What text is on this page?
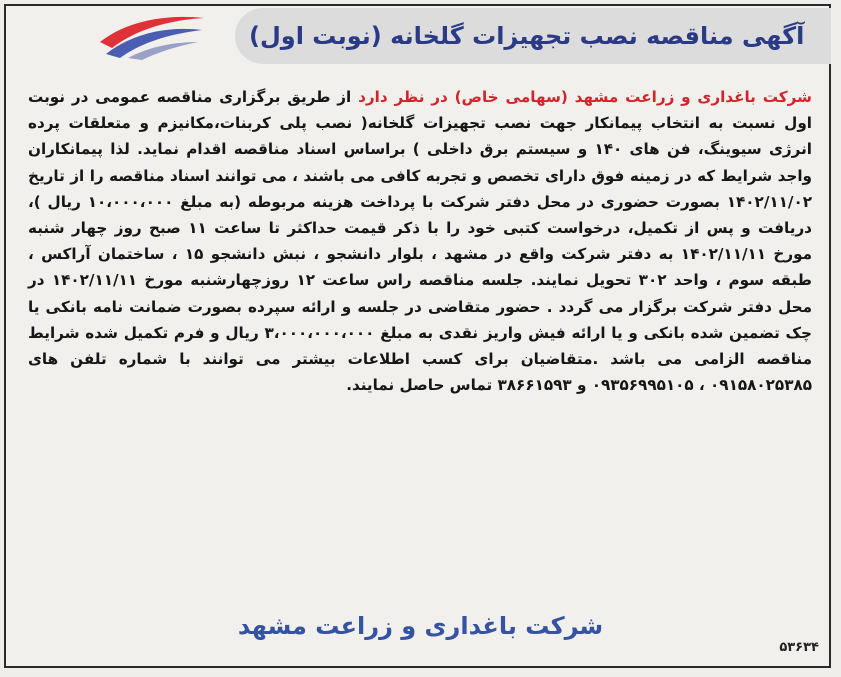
آگهی مناقصه نصب تجهیزات گلخانه (نوبت اول)
شرکت باغداری و زراعت مشهد (سهامی خاص) در نظر دارد از طریق برگزاری مناقصه عمومی در نوبت اول نسبت به انتخاب پیمانکار جهت نصب تجهیزات گلخانه( نصب پلی کربنات،مکانیزم و متعلقات پرده انرژی سیوینگ، فن های ۱۴۰ و سیستم برق داخلی ) براساس اسناد مناقصه اقدام نماید. لذا پیمانکاران واجد شرایط که در زمینه فوق دارای تخصص و تجربه کافی می باشند ، می توانند اسناد مناقصه را از تاریخ ۱۴۰۲/۱۱/۰۲ بصورت حضوری در محل دفتر شرکت با پرداخت هزینه مربوطه (به مبلغ ۱۰،۰۰۰،۰۰۰ ریال )، دریافت و پس از تکمیل، درخواست کتبی خود را با ذکر قیمت حداکثر تا ساعت ۱۱ صبح روز چهار شنبه مورخ ۱۴۰۲/۱۱/۱۱ به دفتر شرکت واقع در مشهد ، بلوار دانشجو ، نبش دانشجو ۱۵ ، ساختمان آراکس ، طبقه سوم ، واحد ۳۰۲ تحویل نمایند. جلسه مناقصه راس ساعت ۱۲ روزچهارشنبه مورخ ۱۴۰۲/۱۱/۱۱ در محل دفتر شرکت برگزار می گردد . حضور متقاضی در جلسه و ارائه سپرده بصورت ضمانت نامه بانکی یا چک تضمین شده بانکی و یا ارائه فیش واریز نقدی به مبلغ ۳،۰۰۰،۰۰۰،۰۰۰ ریال و فرم تکمیل شده شرایط مناقصه الزامی می باشد .متقاضیان برای کسب اطلاعات بیشتر می توانند با شماره تلفن های ۰۹۱۵۸۰۲۵۳۸۵ ، ۰۹۳۵۶۹۹۵۱۰۵ و ۳۸۶۶۱۵۹۳ تماس حاصل نمایند.
شرکت باغداری و زراعت مشهد
۵۳۶۳۴
